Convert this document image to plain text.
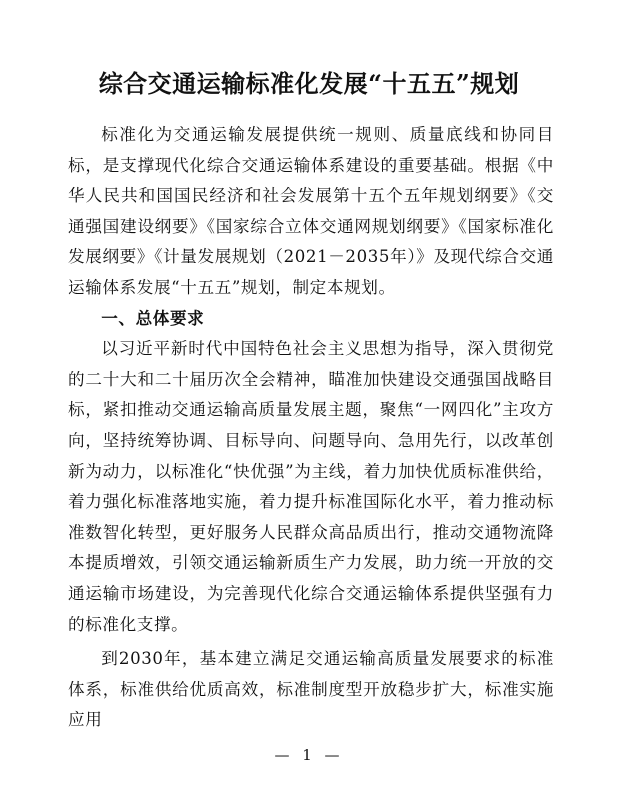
综合交通运输标准化发展“十五五”规划

标准化为交通运输发展提供统一规则、质量底线和协同目标，是支撑现代化综合交通运输体系建设的重要基础。根据《中华人民共和国国民经济和社会发展第十五个五年规划纲要》《交通强国建设纲要》《国家综合立体交通网规划纲要》《国家标准化发展纲要》《计量发展规划（2021－2035年）》及现代综合交通运输体系发展“十五五”规划，制定本规划。

一、总体要求

以习近平新时代中国特色社会主义思想为指导，深入贯彻党的二十大和二十届历次全会精神，瞄准加快建设交通强国战略目标，紧扣推动交通运输高质量发展主题，聚焦“一网四化”主攻方向，坚持统筹协调、目标导向、问题导向、急用先行，以改革创新为动力，以标准化“快优强”为主线，着力加快优质标准供给，着力强化标准落地实施，着力提升标准国际化水平，着力推动标准数智化转型，更好服务人民群众高品质出行，推动交通物流降本提质增效，引领交通运输新质生产力发展，助力统一开放的交通运输市场建设，为完善现代化综合交通运输体系提供坚强有力的标准化支撑。

到2030年，基本建立满足交通运输高质量发展要求的标准体系，标准供给优质高效，标准制度型开放稳步扩大，标准实施应用

— 1 —
